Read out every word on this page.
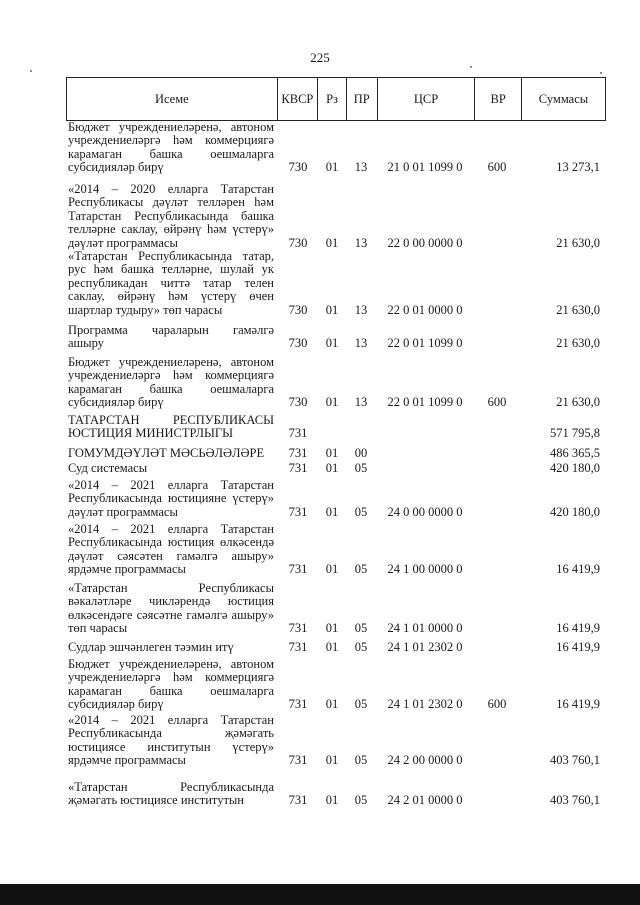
225
Исеме	КВСР	Рз	ПР	ЦСР	ВР	Суммасы
Бюджет учреждениеләренә, автоном
учреждениеләргә һәм коммерциягә
карамаган башка оешмаларга
субсидияләр бирү	730	01	13	21 0 01 1099 0	600	13 273,1
«2014 – 2020 елларга Татарстан
Республикасы дәүләт телләрен һәм
Татарстан Республикасында башка
телләрне саклау, өйрәнү һәм үстерү»
дәүләт программасы	730	01	13	22 0 00 0000 0	21 630,0
«Татарстан Республикасында татар,
рус һәм башка телләрне, шулай ук
республикадан читтә татар телен
саклау, өйрәнү һәм үстерү өчен
шартлар тудыру» төп чарасы	730	01	13	22 0 01 0000 0	21 630,0
Программа чараларын гамәлгә
ашыру	730	01	13	22 0 01 1099 0	21 630,0
Бюджет учреждениеләренә, автоном
учреждениеләргә һәм коммерциягә
карамаган башка оешмаларга
субсидияләр бирү	730	01	13	22 0 01 1099 0	600	21 630,0
ТАТАРСТАН РЕСПУБЛИКАСЫ
ЮСТИЦИЯ МИНИСТРЛЫГЫ	731	571 795,8
ГОМУМДӘҮЛӘТ МӘСЬӘЛӘЛӘРЕ	731	01	00	486 365,5
Суд системасы	731	01	05	420 180,0
«2014 – 2021 елларга Татарстан
Республикасында юстицияне үстерү»
дәүләт программасы	731	01	05	24 0 00 0000 0	420 180,0
«2014 – 2021 елларга Татарстан
Республикасында юстиция өлкәсендә
дәүләт сәясәтен гамәлгә ашыру»
ярдәмче программасы	731	01	05	24 1 00 0000 0	16 419,9
«Татарстан Республикасы
вәкаләтләре чикләрендә юстиция
өлкәсендәге сәясәтне гамәлгә ашыру»
төп чарасы	731	01	05	24 1 01 0000 0	16 419,9
Судлар эшчәнлеген тәэмин итү	731	01	05	24 1 01 2302 0	16 419,9
Бюджет учреждениеләренә, автоном
учреждениеләргә һәм коммерциягә
карамаган башка оешмаларга
субсидияләр бирү	731	01	05	24 1 01 2302 0	600	16 419,9
«2014 – 2021 елларга Татарстан
Республикасында җәмәгать
юстициясе институтын үстерү»
ярдәмче программасы	731	01	05	24 2 00 0000 0	403 760,1
«Татарстан Республикасында
җәмәгать юстициясе институтын	731	01	05	24 2 01 0000 0	403 760,1
